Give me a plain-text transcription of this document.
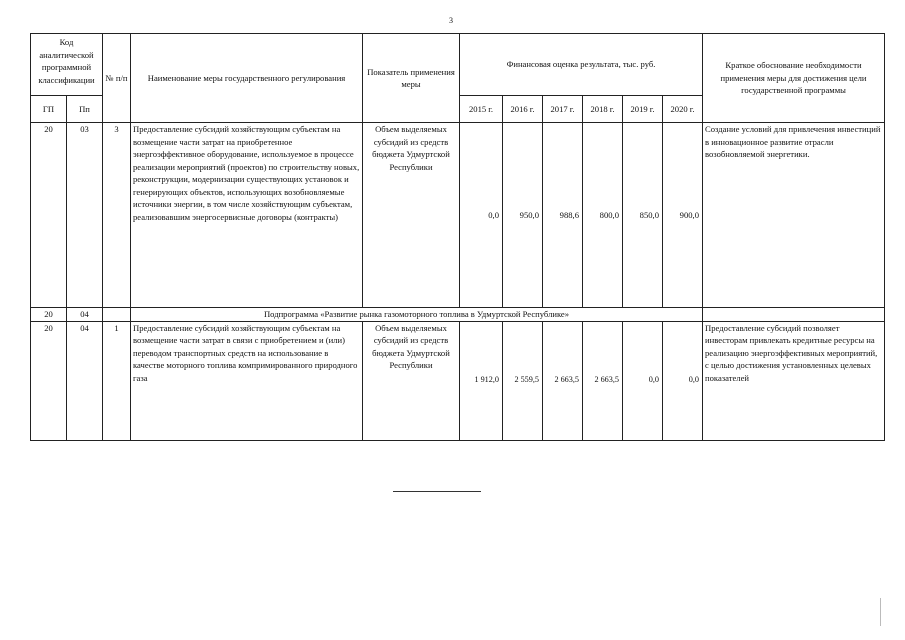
3
Код аналитической программной классификации		№ п/п	Наименование меры государственного регулирования	Показатель применения меры	Финансовая оценка результата, тыс. руб.						Краткое обоснование необходимости применения меры для достижения цели государственной программы
ГП	Пп				2015 г.	2016 г.	2017 г.	2018 г.	2019 г.	2020 г.	
20	03	3	Предоставление субсидий хозяйствующим субъектам на возмещение части затрат на приобретенное энергоэффективное оборудование, используемое в процессе реализации мероприятий (проектов) по строительству новых, реконструкции, модернизации существующих установок и генерирующих объектов, использующих возобновляемые источники энергии, в том числе хозяйствующим субъектам, реализовавшим энергосервисные договоры (контракты)	Объем выделяемых субсидий из средств бюджета Удмуртской Республики	0,0	950,0	988,6	800,0	850,0	900,0	Создание условий для привлечения инвестиций в инновационное развитие отрасли возобновляемой энергетики.
20	04		Подпрограмма «Развитие рынка газомоторного топлива в Удмуртской Республике»								
20	04	1	Предоставление субсидий хозяйствующим субъектам на возмещение части затрат в связи с приобретением и (или) переводом транспортных средств на использование в качестве моторного топлива компримированного природного газа	Объем выделяемых субсидий из средств бюджета Удмуртской Республики	1 912,0	2 559,5	2 663,5	2 663,5	0,0	0,0	Предоставление субсидий позволяет инвесторам привлекать кредитные ресурсы на реализацию энергоэффективных мероприятий, с целью достижения установленных целевых показателей
